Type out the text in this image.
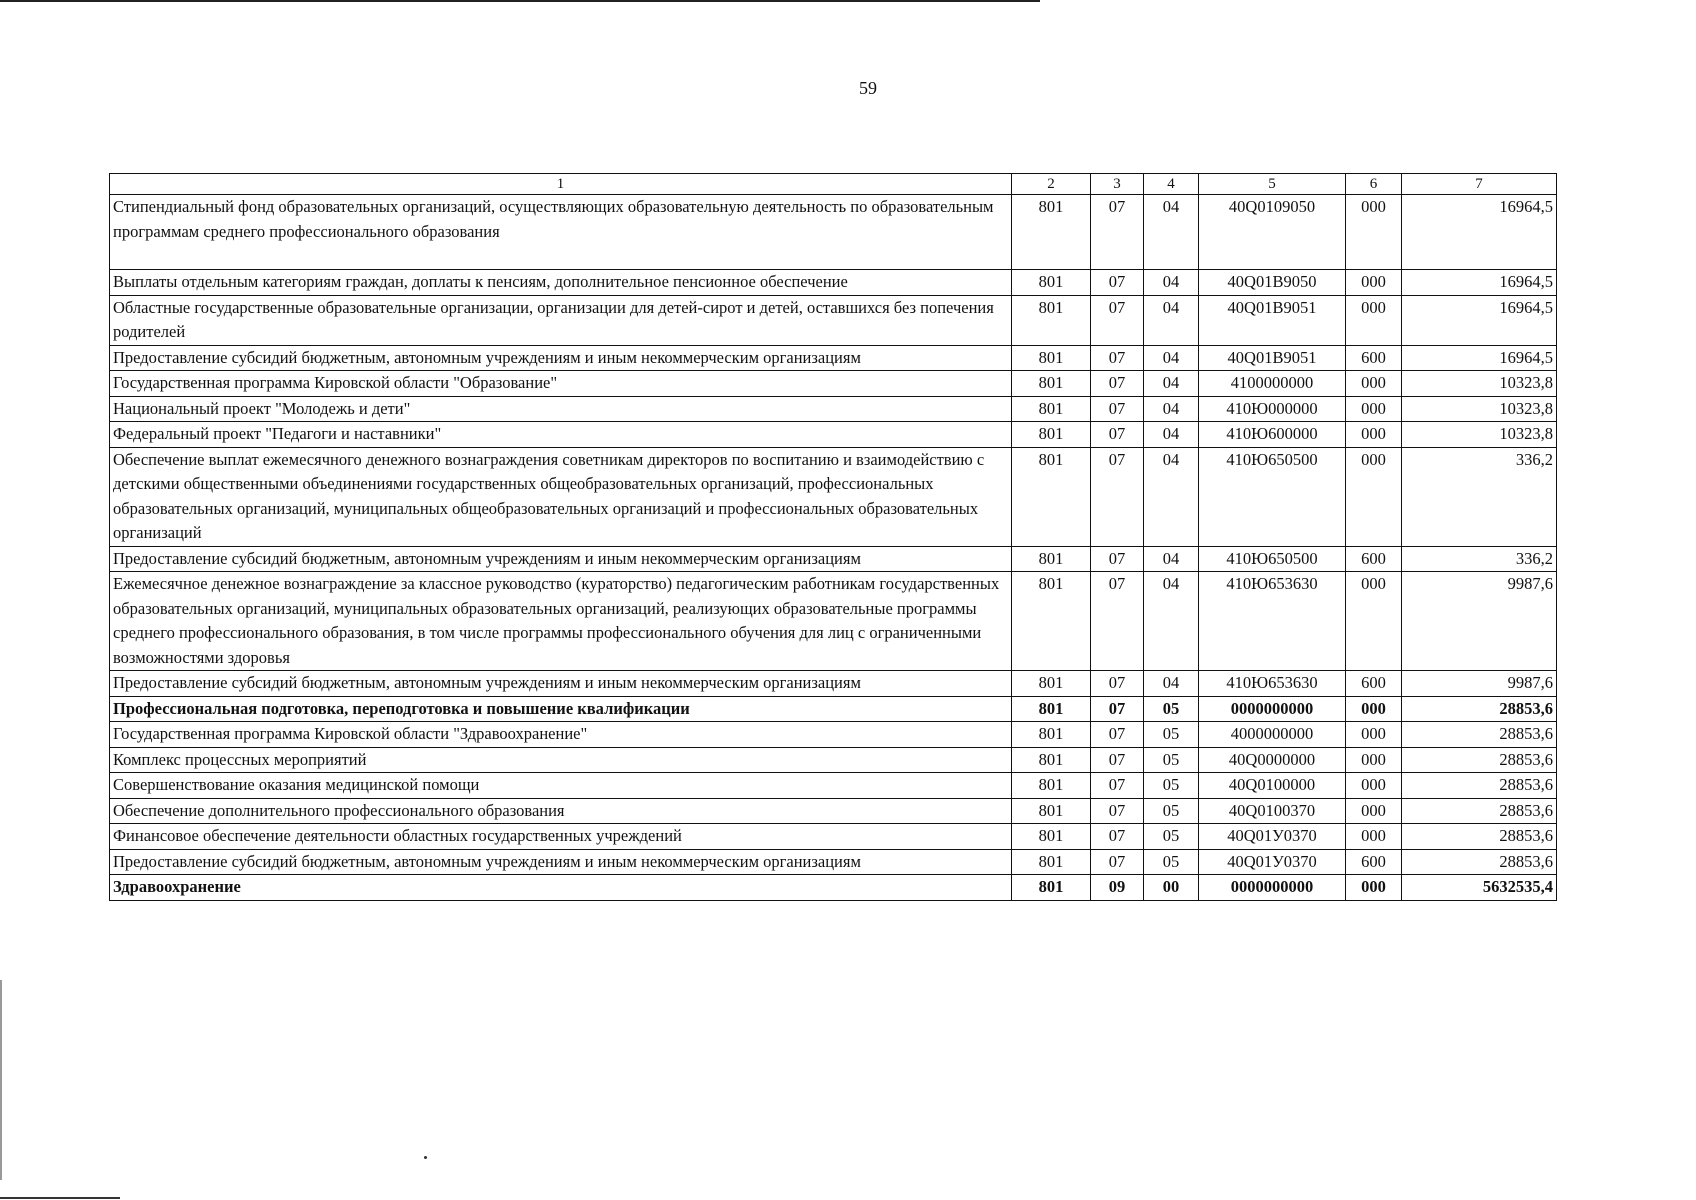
59
1	2	3	4	5	6	7
Стипендиальный фонд образовательных организаций, осуществляющих образовательную деятельность по образовательным программам среднего профессионального образования	801	07	04	40Q0109050	000	16964,5
Выплаты отдельным категориям граждан, доплаты к пенсиям, дополнительное пенсионное обеспечение	801	07	04	40Q01B9050	000	16964,5
Областные государственные образовательные организации, организации для детей-сирот и детей, оставшихся без попечения родителей	801	07	04	40Q01B9051	000	16964,5
Предоставление субсидий бюджетным, автономным учреждениям и иным некоммерческим организациям	801	07	04	40Q01B9051	600	16964,5
Государственная программа Кировской области "Образование"	801	07	04	4100000000	000	10323,8
Национальный проект "Молодежь и дети"	801	07	04	410Ю000000	000	10323,8
Федеральный проект "Педагоги и наставники"	801	07	04	410Ю600000	000	10323,8
Обеспечение выплат ежемесячного денежного вознаграждения советникам директоров по воспитанию и взаимодействию с детскими общественными объединениями государственных общеобразовательных организаций, профессиональных образовательных организаций, муниципальных общеобразовательных организаций и профессиональных образовательных организаций	801	07	04	410Ю650500	000	336,2
Предоставление субсидий бюджетным, автономным учреждениям и иным некоммерческим организациям	801	07	04	410Ю650500	600	336,2
Ежемесячное денежное вознаграждение за классное руководство (кураторство) педагогическим работникам государственных образовательных организаций, муниципальных образовательных организаций, реализующих образовательные программы среднего профессионального образования, в том числе программы профессионального обучения для лиц с ограниченными возможностями здоровья	801	07	04	410Ю653630	000	9987,6
Предоставление субсидий бюджетным, автономным учреждениям и иным некоммерческим организациям	801	07	04	410Ю653630	600	9987,6
Профессиональная подготовка, переподготовка и повышение квалификации	801	07	05	0000000000	000	28853,6
Государственная программа Кировской области "Здравоохранение"	801	07	05	4000000000	000	28853,6
Комплекс процессных мероприятий	801	07	05	40Q0000000	000	28853,6
Совершенствование оказания медицинской помощи	801	07	05	40Q0100000	000	28853,6
Обеспечение дополнительного профессионального образования	801	07	05	40Q0100370	000	28853,6
Финансовое обеспечение деятельности областных государственных учреждений	801	07	05	40Q01У0370	000	28853,6
Предоставление субсидий бюджетным, автономным учреждениям и иным некоммерческим организациям	801	07	05	40Q01У0370	600	28853,6
Здравоохранение	801	09	00	0000000000	000	5632535,4
